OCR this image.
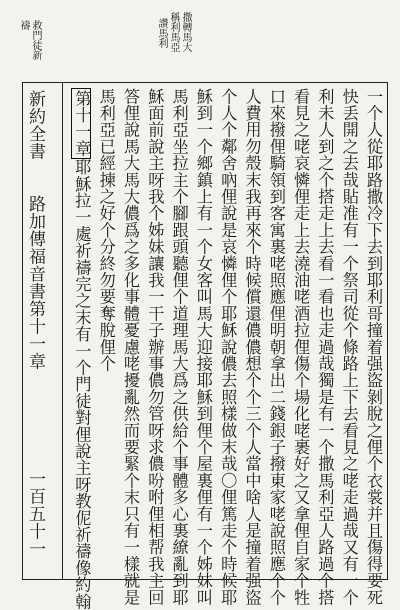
救門徒新
禱	撒轉馬大
稱利馬亞
讚馬利
新約全書
第十一章	一个人從耶路撒冷下去到耶利哥撞着强盜剝脫之俚个衣裳并且傷得要死
快丢開之去哉貼准有一个祭司從个條路上下去看見之咾走過哉又有一个
利未人到之个搭走上去看一看也走過哉獨是有一个撒馬利亞人路過个搭
看見之咾哀憐俚走上去澆油咾酒拉俚傷个場化咾裹好之又拿俚自家个牲
口來撥俚騎領到客寓裏咾照應俚明朝拿出二錢銀子撥東家咾說照應个个
人費用勿殼末我再來个時候償還儂儂想个个三个人當中啥人是撞着强盜
个人个鄰舍吶俚說是哀憐俚个耶穌說儂去照樣做末哉〇俚篤走个時候耶
穌到一个鄉鎮上有一个女客叫馬大迎接耶穌到俚个屋裏俚有一个姊妹叫
馬利亞坐拉主个腳跟頭聽俚个道理馬大爲之供給个事體多心裏繚亂到耶
穌面前說主呀我个姊妹讓我一干子辦事儂勿管呀求儂吩咐俚相帮我主回
答俚說馬大馬大儂爲之多化事體憂慮咾擾亂然而要緊个末只有一樣就是
馬利亞已經揀之好个分終勿要奪脫俚个
第十一章耶穌拉一處祈禱完之末有一个門徒對俚說主呀教伲祈禱像約翰
路加傳福音書
一百五十一
